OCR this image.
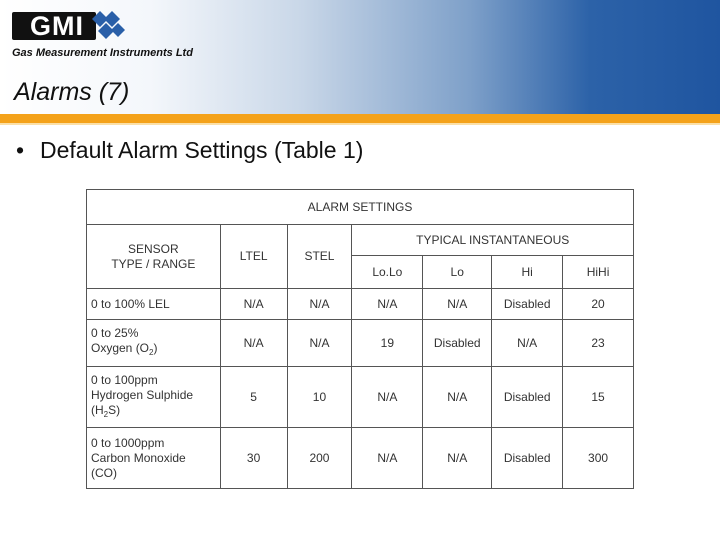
GMI
Gas Measurement Instruments Ltd
Alarms (7)
• Default Alarm Settings (Table 1)
ALARM SETTINGS						

SENSOR
TYPE / RANGE	LTEL	STEL	TYPICAL INSTANTANEOUS			
			Lo.Lo	Lo	Hi	HiHi

0 to 100% LEL	N/A	N/A	N/A	N/A	Disabled	20

0 to 25%
Oxygen $(O_2)$	N/A	N/A	19	Disabled	N/A	23

0 to 100ppm
Hydrogen Sulphide
$(H_2S)$	5	10	N/A	N/A	Disabled	15

0 to 1000ppm
Carbon Monoxide
(CO)	30	200	N/A	N/A	Disabled	300
